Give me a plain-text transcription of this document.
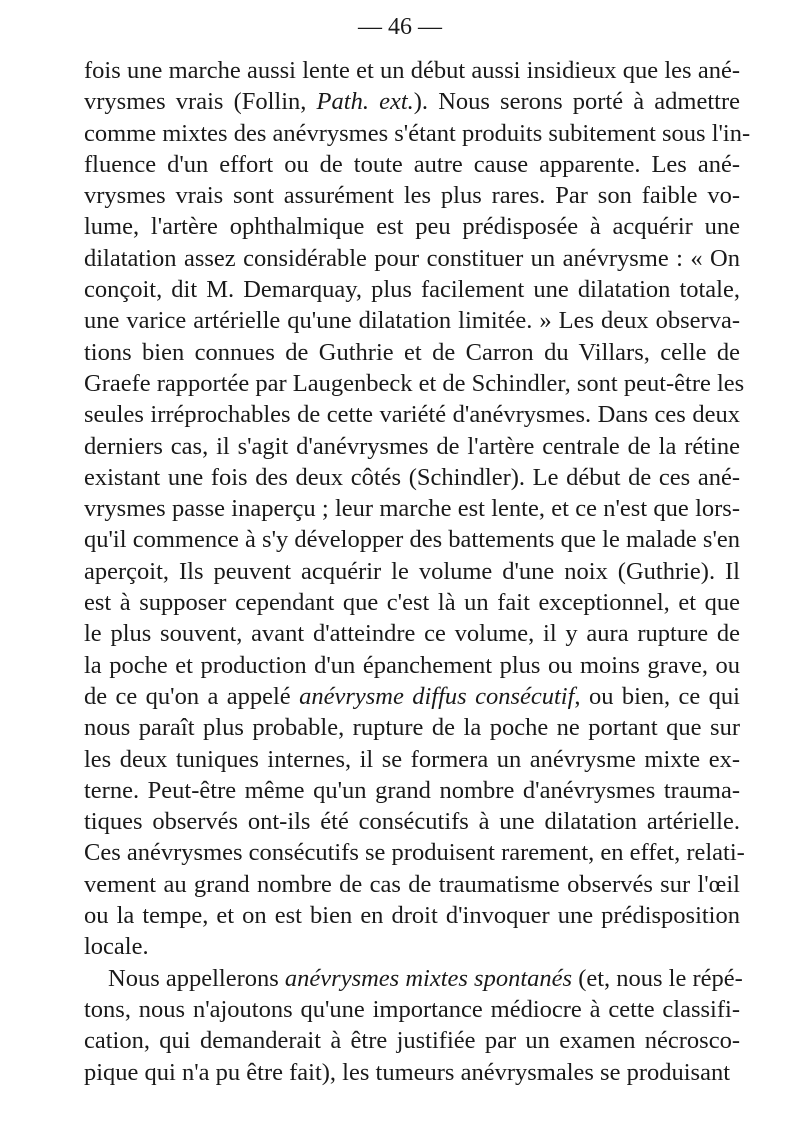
— 46 —
fois une marche aussi lente et un début aussi insidieux que les ané-
vrysmes vrais (Follin, Path. ext.). Nous serons porté à admettre
comme mixtes des anévrysmes s'étant produits subitement sous l'in-
fluence d'un effort ou de toute autre cause apparente. Les ané-
vrysmes vrais sont assurément les plus rares. Par son faible vo-
lume, l'artère ophthalmique est peu prédisposée à acquérir une
dilatation assez considérable pour constituer un anévrysme : « On
conçoit, dit M. Demarquay, plus facilement une dilatation totale,
une varice artérielle qu'une dilatation limitée. » Les deux observa-
tions bien connues de Guthrie et de Carron du Villars, celle de
Graefe rapportée par Laugenbeck et de Schindler, sont peut-être les
seules irréprochables de cette variété d'anévrysmes. Dans ces deux
derniers cas, il s'agit d'anévrysmes de l'artère centrale de la rétine
existant une fois des deux côtés (Schindler). Le début de ces ané-
vrysmes passe inaperçu ; leur marche est lente, et ce n'est que lors-
qu'il commence à s'y développer des battements que le malade s'en
aperçoit, Ils peuvent acquérir le volume d'une noix (Guthrie). Il
est à supposer cependant que c'est là un fait exceptionnel, et que
le plus souvent, avant d'atteindre ce volume, il y aura rupture de
la poche et production d'un épanchement plus ou moins grave, ou
de ce qu'on a appelé anévrysme diffus consécutif, ou bien, ce qui
nous paraît plus probable, rupture de la poche ne portant que sur
les deux tuniques internes, il se formera un anévrysme mixte ex-
terne. Peut-être même qu'un grand nombre d'anévrysmes trauma-
tiques observés ont-ils été consécutifs à une dilatation artérielle.
Ces anévrysmes consécutifs se produisent rarement, en effet, relati-
vement au grand nombre de cas de traumatisme observés sur l'œil
ou la tempe, et on est bien en droit d'invoquer une prédisposition
locale.
Nous appellerons anévrysmes mixtes spontanés (et, nous le répé-
tons, nous n'ajoutons qu'une importance médiocre à cette classifi-
cation, qui demanderait à être justifiée par un examen nécrosco-
pique qui n'a pu être fait), les tumeurs anévrysmales se produisant
